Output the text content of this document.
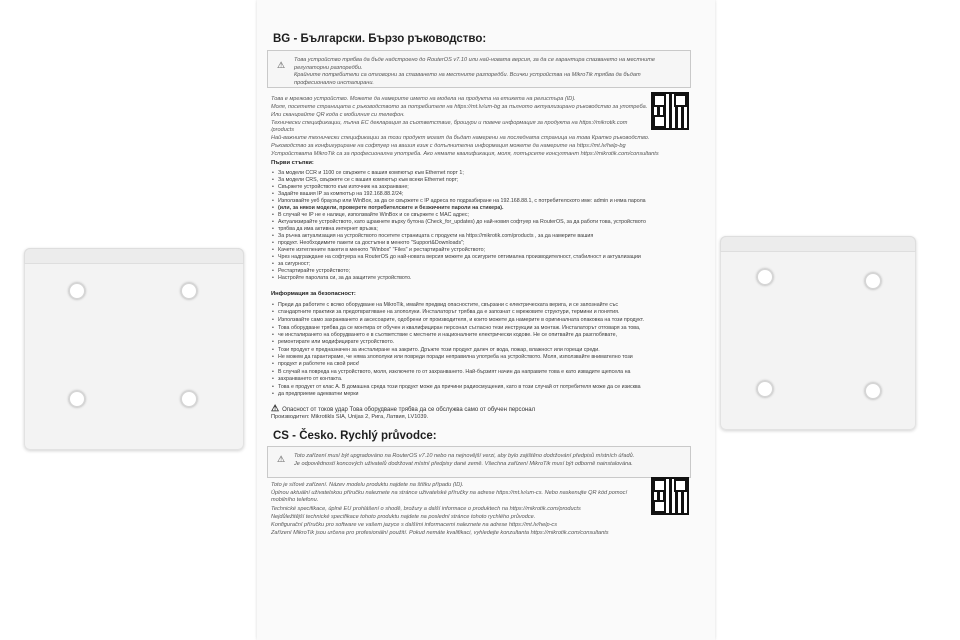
BG - Български. Бързо ръководство:
⚠ Това устройство трябва да бъде надстроено до RouterOS v7.10 или най-новата версия, за да се гарантира спазването на местните регулаторни разпоредби.
Крайните потребители са отговорни за спазването на местните разпоредби. Всички устройства на MikroTik трябва да бъдат професионално инсталирани.
Това е мрежово устройство. Можете да намерите името на модела на продукта на етикета на регистъра (ID).
Моля, посетете страницата с ръководството за потребителя на https://mt.lv/um-bg за пълното актуализирано ръководство за употреба.
Или сканирайте QR кода с мобилния си телефон.
Технически спецификации, пълна ЕС декларация за съответствие, брошури и повече информация за продукта на https://mikrotik.com
/products
Най-важните технически спецификации за този продукт могат да бъдат намерени на последната страница на това Кратко ръководство.
Ръководство за конфигуриране на софтуер на вашия език с допълнителна информация можете да намерите на https://mt.lv/help-bg
Устройствата MikroTik са за професионална употреба. Ако нямате квалификация, моля, потърсете консултант https://mikrotik.com/consultants
Първи стъпки:
• За модели CCR и 1100 се свържете с вашия компютър към Ethernet порт 1;
• За модели CRS, свържете се с вашия компютър към всеки Ethernet порт;
• Свържете устройството към източник на захранване;
• Задайте вашия IP за компютър на 192.168.88.2/24;
• Използвайте уеб браузър или WinBox, за да се свържете с IP адреса по подразбиране на 192.168.88.1, с потребителското име: admin и няма парола
• (или, за някои модели, проверете потребителските и безжичните пароли на стикера).
• В случай че IP не е налице, използвайте WinBox и се свържете с MAC адрес;
• Актуализирайте устройството, като щракнете върху бутона (Check_for_updates) до най-новия софтуер на RouterOS, за да работи това, устройството
• трябва да има активна интернет връзка;
• За ръчна актуализация на устройството посетете страницата с продукти на https://mikrotik.com/products , за да намерите вашия
• продукт. Необходимите пакети са достъпни в менюто "Support&Downloads";
• Качете изтеглените пакети в менюто "Winbox" "Files" и рестартирайте устройството;
• Чрез надграждане на софтуера на RouterOS до най-новата версия можете да осигурите оптимална производителност, стабилност и актуализации
• за сигурност;
• Рестартирайте устройството;
• Настройте паролата си, за да защитите устройството.
Информация за безопасност:
• Преди да работите с всяко оборудване на MikroTik, имайте предвид опасностите, свързани с електрическата верига, и се запознайте със
• стандартните практики за предотвратяване на злополуки. Инсталаторът трябва да е запознат с мрежовите структури, термини и понятия.
• Използвайте само захранването и аксесоарите, одобрени от производителя, и които можете да намерите в оригиналната опаковка на този продукт.
• Това оборудване трябва да се монтира от обучен и квалифициран персонал съгласно тези инструкции за монтаж. Инсталаторът отговаря за това,
• че инсталирането на оборудването е в съответствие с местните и националните електрически кодове. Не се опитвайте да разглобявате,
• ремонтирате или модифицирате устройството.
• Този продукт е предназначен за инсталиране на закрито. Дръжте този продукт далеч от вода, пожар, влажност или горещи среди.
• Не можем да гарантираме, че няма злополуки или повреди поради неправилна употреба на устройството. Моля, използвайте внимателно този
• продукт и работете на свой риск!
• В случай на повреда на устройството, моля, изключете го от захранването. Най-бързият начин да направите това е като извадите щепсела на
• захранването от контакта.
• Това е продукт от клас А. В домашна среда този продукт може да причини радиосмущения, като в този случай от потребителя може да се изисква
• да предприеме адекватни мерки
⚠ Опасност от токов удар Това оборудване трябва да се обслужва само от обучен персонал
Производител: Mikrotikls SIA, Unijas 2, Рига, Латвия, LV1039.
CS - Česko. Rychlý průvodce:
⚠ Toto zařízení musí být upgradováno na RouterOS v7.10 nebo na nejnovější verzi, aby bylo zajištěno dodržování předpisů místních úřadů.
Je odpovědností koncových uživatelů dodržovat místní předpisy dané země. Všechna zařízení MikroTik musí být odborně nainstalována.
Toto je síťové zařízení. Název modelu produktu najdete na štítku případu (ID).
Úplnou aktuální uživatelskou příručku naleznete na stránce uživatelské příručky na adrese https://mt.lv/um-cs. Nebo naskenujte QR kód pomocí
mobilního telefonu.
Technické specifikace, úplné EU prohlášení o shodě, brožury a další informace o produktech na https://mikrotik.com/products
Nejdůležitější technické specifikace tohoto produktu najdete na poslední stránce tohoto rychlého průvodce.
Konfigurační příručku pro software ve vašem jazyce s dalšími informacemi naleznete na adrese https://mt.lv/help-cs
Zařízení MikroTik jsou určena pro profesionální použití. Pokud nemáte kvalifikaci, vyhledejte konzultanta https://mikrotik.com/consultants
